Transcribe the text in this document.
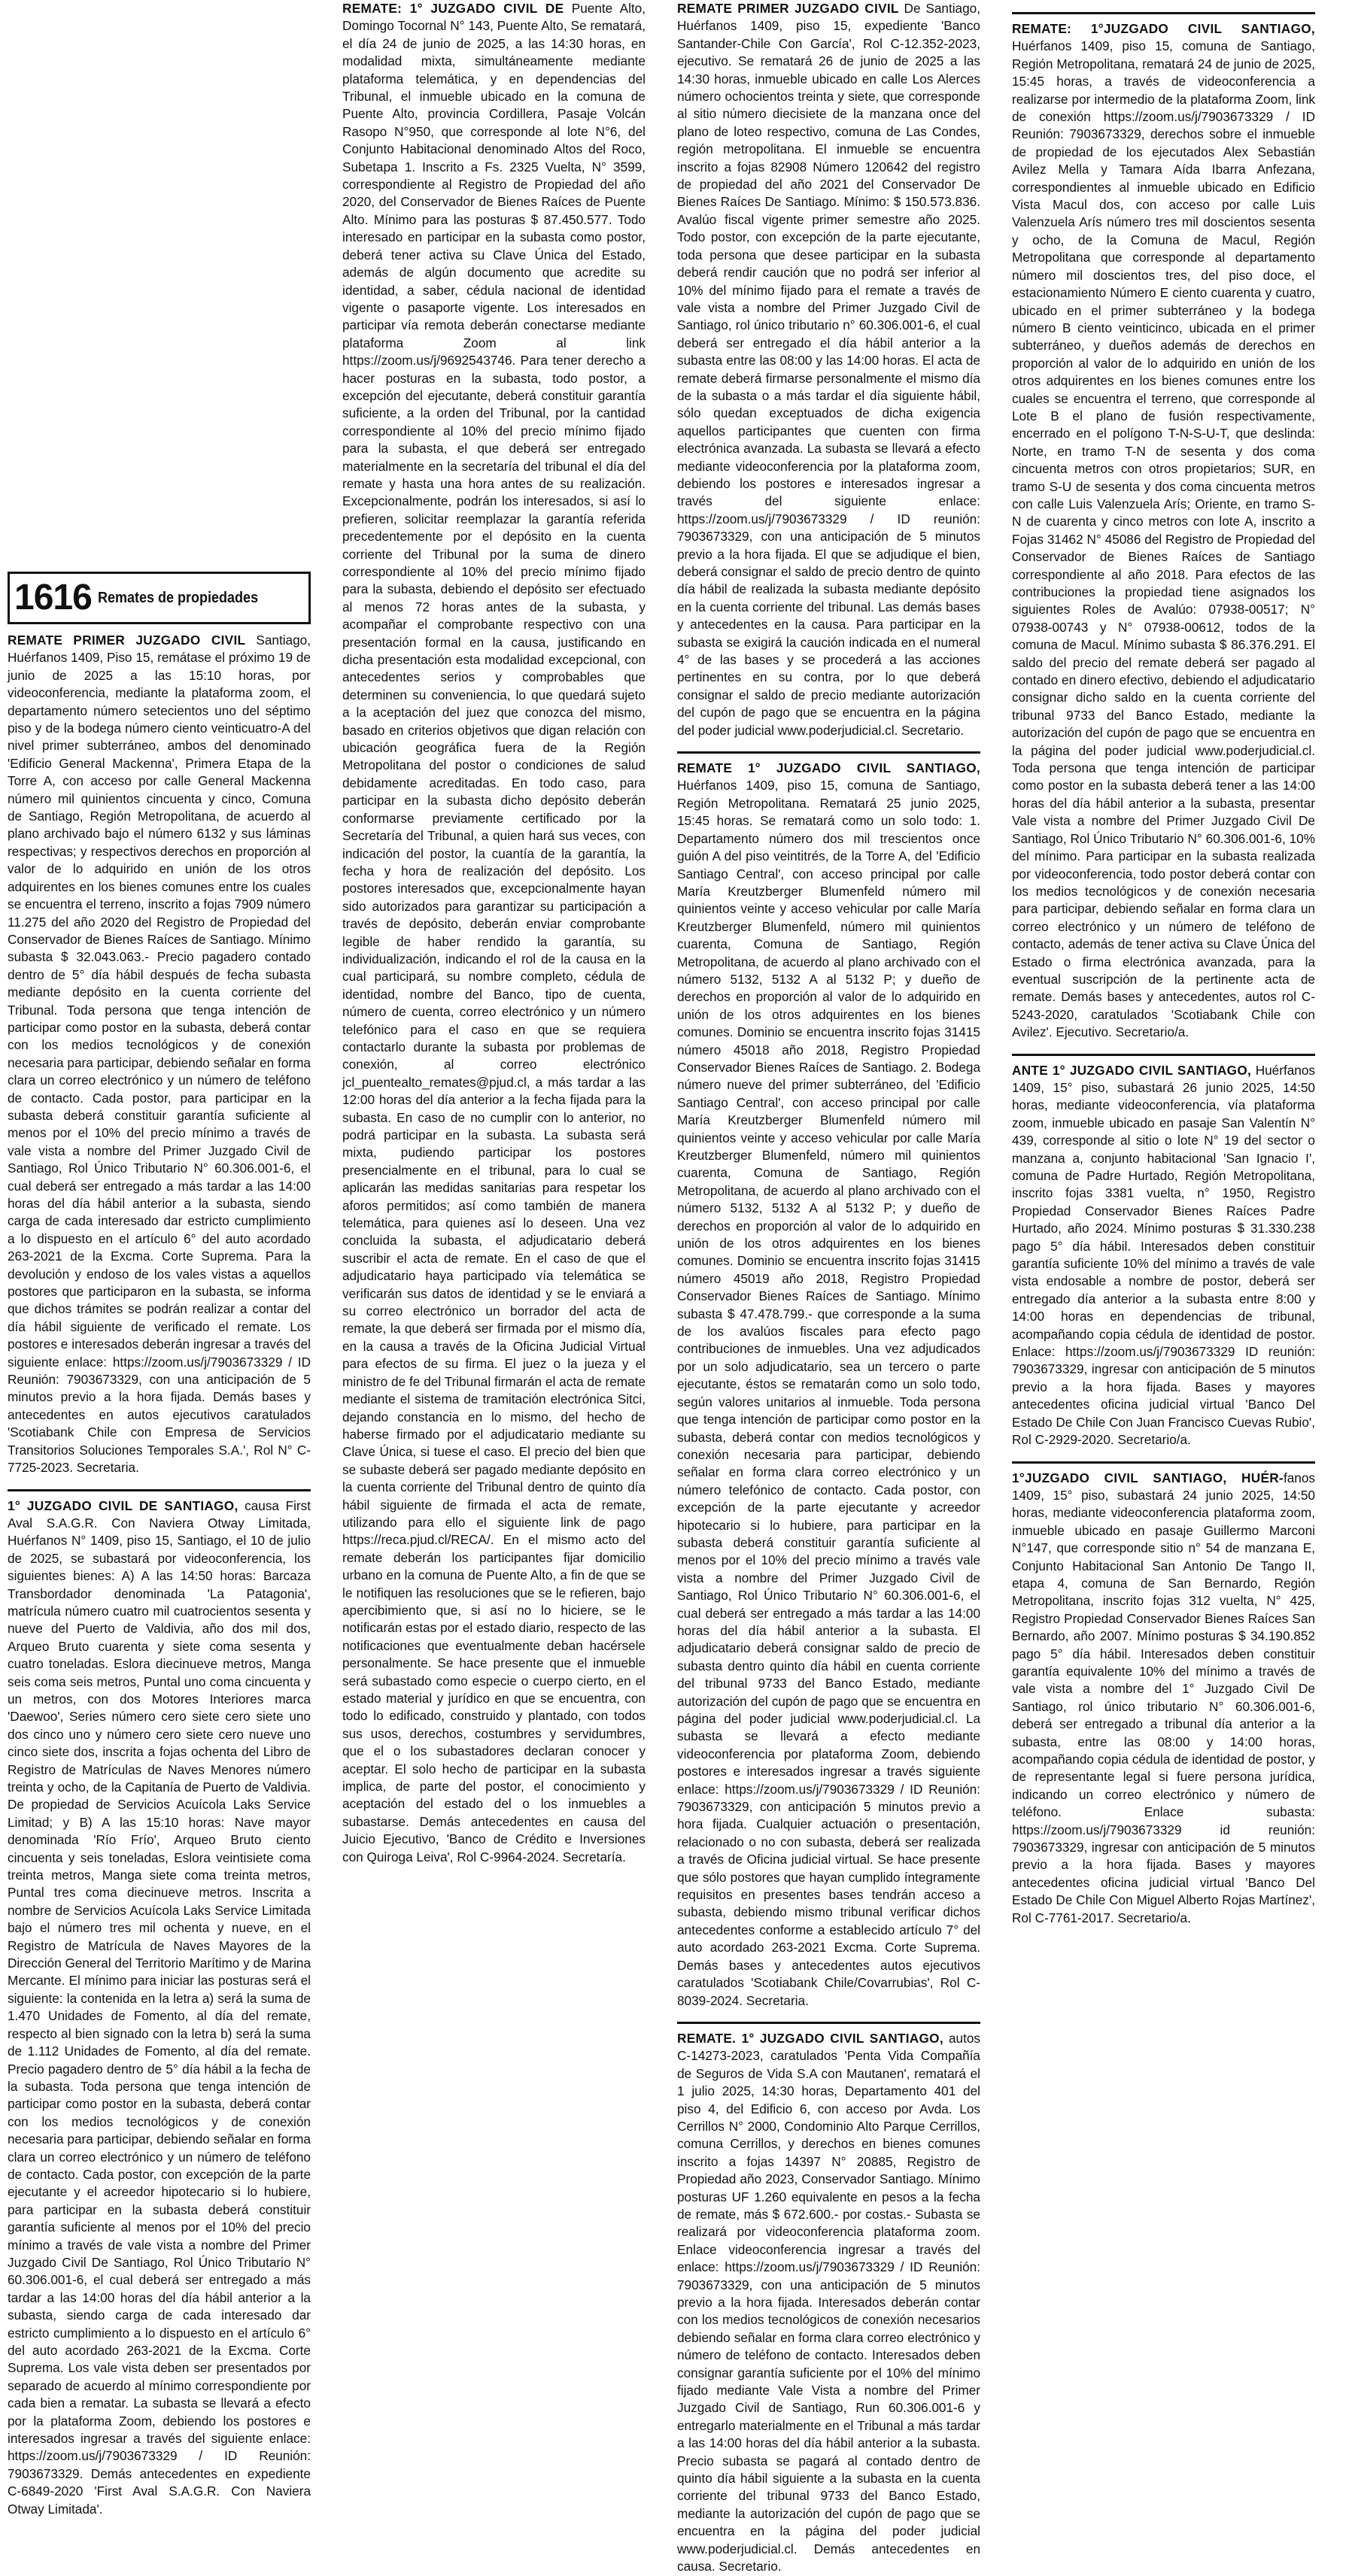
1616 Remates de propiedades

REMATE PRIMER JUZGADO CIVIL Santiago, Huérfanos 1409, Piso 15, remátase el próximo 19 de junio de 2025 a las 15:10 horas, por videoconferencia, mediante la plataforma zoom, el departamento número setecientos uno del séptimo piso y de la bodega número ciento veinticuatro-A del nivel primer subterráneo, ambos del denominado 'Edificio General Mackenna', Primera Etapa de la Torre A, con acceso por calle General Mackenna número mil quinientos cincuenta y cinco, Comuna de Santiago, Región Metropolitana, de acuerdo al plano archivado bajo el número 6132 y sus láminas respectivas; y respectivos derechos en proporción al valor de lo adquirido en unión de los otros adquirentes en los bienes comunes entre los cuales se encuentra el terreno, inscrito a fojas 7909 número 11.275 del año 2020 del Registro de Propiedad del Conservador de Bienes Raíces de Santiago. Mínimo subasta $ 32.043.063.- Precio pagadero contado dentro de 5° día hábil después de fecha subasta mediante depósito en la cuenta corriente del Tribunal. Toda persona que tenga intención de participar como postor en la subasta, deberá contar con los medios tecnológicos y de conexión necesaria para participar, debiendo señalar en forma clara un correo electrónico y un número de teléfono de contacto. Cada postor, para participar en la subasta deberá constituir garantía suficiente al menos por el 10% del precio mínimo a través de vale vista a nombre del Primer Juzgado Civil de Santiago, Rol Único Tributario N° 60.306.001-6, el cual deberá ser entregado a más tardar a las 14:00 horas del día hábil anterior a la subasta, siendo carga de cada interesado dar estricto cumplimiento a lo dispuesto en el artículo 6° del auto acordado 263-2021 de la Excma. Corte Suprema. Para la devolución y endoso de los vales vistas a aquellos postores que participaron en la subasta, se informa que dichos trámites se podrán realizar a contar del día hábil siguiente de verificado el remate. Los postores e interesados deberán ingresar a través del siguiente enlace: https://zoom.us/j/7903673329 / ID Reunión: 7903673329, con una anticipación de 5 minutos previo a la hora fijada. Demás bases y antecedentes en autos ejecutivos caratulados 'Scotiabank Chile con Empresa de Servicios Transitorios Soluciones Temporales S.A.', Rol N° C-7725-2023. Secretaria.

1° JUZGADO CIVIL DE SANTIAGO, causa First Aval S.A.G.R. Con Naviera Otway Limitada, Huérfanos N° 1409, piso 15, Santiago, el 10 de julio de 2025, se subastará por videoconferencia, los siguientes bienes: A) A las 14:50 horas: Barcaza Transbordador denominada 'La Patagonia', matrícula número cuatro mil cuatrocientos sesenta y nueve del Puerto de Valdivia, año dos mil dos, Arqueo Bruto cuarenta y siete coma sesenta y cuatro toneladas. Eslora diecinueve metros, Manga seis coma seis metros, Puntal uno coma cincuenta y un metros, con dos Motores Interiores marca 'Daewoo', Series número cero siete cero siete uno dos cinco uno y número cero siete cero nueve uno cinco siete dos, inscrita a fojas ochenta del Libro de Registro de Matrículas de Naves Menores número treinta y ocho, de la Capitanía de Puerto de Valdivia. De propiedad de Servicios Acuícola Laks Service Limitad; y B) A las 15:10 horas: Nave mayor denominada 'Río Frío', Arqueo Bruto ciento cincuenta y seis toneladas, Eslora veintisiete coma treinta metros, Manga siete coma treinta metros, Puntal tres coma diecinueve metros. Inscrita a nombre de Servicios Acuícola Laks Service Limitada bajo el número tres mil ochenta y nueve, en el Registro de Matrícula de Naves Mayores de la Dirección General del Territorio Marítimo y de Marina Mercante. El mínimo para iniciar las posturas será el siguiente: la contenida en la letra a) será la suma de 1.470 Unidades de Fomento, al día del remate, respecto al bien signado con la letra b) será la suma de 1.112 Unidades de Fomento, al día del remate. Precio pagadero dentro de 5° día hábil a la fecha de la subasta. Toda persona que tenga intención de participar como postor en la subasta, deberá contar con los medios tecnológicos y de conexión necesaria para participar, debiendo señalar en forma clara un correo electrónico y un número de teléfono de contacto. Cada postor, con excepción de la parte ejecutante y el acreedor hipotecario si lo hubiere, para participar en la subasta deberá constituir garantía suficiente al menos por el 10% del precio mínimo a través de vale vista a nombre del Primer Juzgado Civil De Santiago, Rol Único Tributario N° 60.306.001-6, el cual deberá ser entregado a más tardar a las 14:00 horas del día hábil anterior a la subasta, siendo carga de cada interesado dar estricto cumplimiento a lo dispuesto en el artículo 6° del auto acordado 263-2021 de la Excma. Corte Suprema. Los vale vista deben ser presentados por separado de acuerdo al mínimo correspondiente por cada bien a rematar. La subasta se llevará a efecto por la plataforma Zoom, debiendo los postores e interesados ingresar a través del siguiente enlace: https://zoom.us/j/7903673329 / ID Reunión: 7903673329. Demás antecedentes en expediente C-6849-2020 'First Aval S.A.G.R. Con Naviera Otway Limitada'.

REMATE: 1° JUZGADO CIVIL DE Puente Alto, Domingo Tocornal N° 143, Puente Alto, Se rematará, el día 24 de junio de 2025, a las 14:30 horas, en modalidad mixta, simultáneamente mediante plataforma telemática, y en dependencias del Tribunal, el inmueble ubicado en la comuna de Puente Alto, provincia Cordillera, Pasaje Volcán Rasopo N°950, que corresponde al lote N°6, del Conjunto Habitacional denominado Altos del Roco, Subetapa 1. Inscrito a Fs. 2325 Vuelta, N° 3599, correspondiente al Registro de Propiedad del año 2020, del Conservador de Bienes Raíces de Puente Alto. Mínimo para las posturas $ 87.450.577. Todo interesado en participar en la subasta como postor, deberá tener activa su Clave Única del Estado, además de algún documento que acredite su identidad, a saber, cédula nacional de identidad vigente o pasaporte vigente. Los interesados en participar vía remota deberán conectarse mediante plataforma Zoom al link https://zoom.us/j/9692543746. Para tener derecho a hacer posturas en la subasta, todo postor, a excepción del ejecutante, deberá constituir garantía suficiente, a la orden del Tribunal, por la cantidad correspondiente al 10% del precio mínimo fijado para la subasta, el que deberá ser entregado materialmente en la secretaría del tribunal el día del remate y hasta una hora antes de su realización. Excepcionalmente, podrán los interesados, si así lo prefieren, solicitar reemplazar la garantía referida precedentemente por el depósito en la cuenta corriente del Tribunal por la suma de dinero correspondiente al 10% del precio mínimo fijado para la subasta, debiendo el depósito ser efectuado al menos 72 horas antes de la subasta, y acompañar el comprobante respectivo con una presentación formal en la causa, justificando en dicha presentación esta modalidad excepcional, con antecedentes serios y comprobables que determinen su conveniencia, lo que quedará sujeto a la aceptación del juez que conozca del mismo, basado en criterios objetivos que digan relación con ubicación geográfica fuera de la Región Metropolitana del postor o condiciones de salud debidamente acreditadas. En todo caso, para participar en la subasta dicho depósito deberán conformarse previamente certificado por la Secretaría del Tribunal, a quien hará sus veces, con indicación del postor, la cuantía de la garantía, la fecha y hora de realización del depósito. Los postores interesados que, excepcionalmente hayan sido autorizados para garantizar su participación a través de depósito, deberán enviar comprobante legible de haber rendido la garantía, su individualización, indicando el rol de la causa en la cual participará, su nombre completo, cédula de identidad, nombre del Banco, tipo de cuenta, número de cuenta, correo electrónico y un número telefónico para el caso en que se requiera contactarlo durante la subasta por problemas de conexión, al correo electrónico jcl_puentealto_remates@pjud.cl, a más tardar a las 12:00 horas del día anterior a la fecha fijada para la subasta. En caso de no cumplir con lo anterior, no podrá participar en la subasta. La subasta será mixta, pudiendo participar los postores presencialmente en el tribunal, para lo cual se aplicarán las medidas sanitarias para respetar los aforos permitidos; así como también de manera telemática, para quienes así lo deseen. Una vez concluida la subasta, el adjudicatario deberá suscribir el acta de remate. En el caso de que el adjudicatario haya participado vía telemática se verificarán sus datos de identidad y se le enviará a su correo electrónico un borrador del acta de remate, la que deberá ser firmada por el mismo día, en la causa a través de la Oficina Judicial Virtual para efectos de su firma. El juez o la jueza y el ministro de fe del Tribunal firmarán el acta de remate mediante el sistema de tramitación electrónica Sitci, dejando constancia en lo mismo, del hecho de haberse firmado por el adjudicatario mediante su Clave Única, si tuese el caso. El precio del bien que se subaste deberá ser pagado mediante depósito en la cuenta corriente del Tribunal dentro de quinto día hábil siguiente de firmada el acta de remate, utilizando para ello el siguiente link de pago https://reca.pjud.cl/RECA/. En el mismo acto del remate deberán los participantes fijar domicilio urbano en la comuna de Puente Alto, a fin de que se le notifiquen las resoluciones que se le refieren, bajo apercibimiento que, si así no lo hiciere, se le notificarán estas por el estado diario, respecto de las notificaciones que eventualmente deban hacérsele personalmente. Se hace presente que el inmueble será subastado como especie o cuerpo cierto, en el estado material y jurídico en que se encuentra, con todo lo edificado, construido y plantado, con todos sus usos, derechos, costumbres y servidumbres, que el o los subastadores declaran conocer y aceptar. El solo hecho de participar en la subasta implica, de parte del postor, el conocimiento y aceptación del estado del o los inmuebles a subastarse. Demás antecedentes en causa del Juicio Ejecutivo, 'Banco de Crédito e Inversiones con Quiroga Leiva', Rol C-9964-2024. Secretaría.

REMATE PRIMER JUZGADO CIVIL De Santiago, Huérfanos 1409, piso 15, expediente 'Banco Santander-Chile Con García', Rol C-12.352-2023, ejecutivo. Se rematará 26 de junio de 2025 a las 14:30 horas, inmueble ubicado en calle Los Alerces número ochocientos treinta y siete, que corresponde al sitio número diecisiete de la manzana once del plano de loteo respectivo, comuna de Las Condes, región metropolitana. El inmueble se encuentra inscrito a fojas 82908 Número 120642 del registro de propiedad del año 2021 del Conservador De Bienes Raíces De Santiago. Mínimo: $ 150.573.836. Avalúo fiscal vigente primer semestre año 2025. Todo postor, con excepción de la parte ejecutante, toda persona que desee participar en la subasta deberá rendir caución que no podrá ser inferior al 10% del mínimo fijado para el remate a través de vale vista a nombre del Primer Juzgado Civil de Santiago, rol único tributario n° 60.306.001-6, el cual deberá ser entregado el día hábil anterior a la subasta entre las 08:00 y las 14:00 horas. El acta de remate deberá firmarse personalmente el mismo día de la subasta o a más tardar el día siguiente hábil, sólo quedan exceptuados de dicha exigencia aquellos participantes que cuenten con firma electrónica avanzada. La subasta se llevará a efecto mediante videoconferencia por la plataforma zoom, debiendo los postores e interesados ingresar a través del siguiente enlace: https://zoom.us/j/7903673329 / ID reunión: 7903673329, con una anticipación de 5 minutos previo a la hora fijada. El que se adjudique el bien, deberá consignar el saldo de precio dentro de quinto día hábil de realizada la subasta mediante depósito en la cuenta corriente del tribunal. Las demás bases y antecedentes en la causa. Para participar en la subasta se exigirá la caución indicada en el numeral 4° de las bases y se procederá a las acciones pertinentes en su contra, por lo que deberá consignar el saldo de precio mediante autorización del cupón de pago que se encuentra en la página del poder judicial www.poderjudicial.cl. Secretario.

REMATE 1° JUZGADO CIVIL SANTIAGO, Huérfanos 1409, piso 15, comuna de Santiago, Región Metropolitana. Rematará 25 junio 2025, 15:45 horas. Se rematará como un solo todo: 1. Departamento número dos mil trescientos once guión A del piso veintitrés, de la Torre A, del 'Edificio Santiago Central', con acceso principal por calle María Kreutzberger Blumenfeld número mil quinientos veinte y acceso vehicular por calle María Kreutzberger Blumenfeld, número mil quinientos cuarenta, Comuna de Santiago, Región Metropolitana, de acuerdo al plano archivado con el número 5132, 5132 A al 5132 P; y dueño de derechos en proporción al valor de lo adquirido en unión de los otros adquirentes en los bienes comunes. Dominio se encuentra inscrito fojas 31415 número 45018 año 2018, Registro Propiedad Conservador Bienes Raíces de Santiago. 2. Bodega número nueve del primer subterráneo, del 'Edificio Santiago Central', con acceso principal por calle María Kreutzberger Blumenfeld número mil quinientos veinte y acceso vehicular por calle María Kreutzberger Blumenfeld, número mil quinientos cuarenta, Comuna de Santiago, Región Metropolitana, de acuerdo al plano archivado con el número 5132, 5132 A al 5132 P; y dueño de derechos en proporción al valor de lo adquirido en unión de los otros adquirentes en los bienes comunes. Dominio se encuentra inscrito fojas 31415 número 45019 año 2018, Registro Propiedad Conservador Bienes Raíces de Santiago. Mínimo subasta $ 47.478.799.- que corresponde a la suma de los avalúos fiscales para efecto pago contribuciones de inmuebles. Una vez adjudicados por un solo adjudicatario, sea un tercero o parte ejecutante, éstos se rematarán como un solo todo, según valores unitarios al inmueble. Toda persona que tenga intención de participar como postor en la subasta, deberá contar con medios tecnológicos y conexión necesaria para participar, debiendo señalar en forma clara correo electrónico y un número telefónico de contacto. Cada postor, con excepción de la parte ejecutante y acreedor hipotecario si lo hubiere, para participar en la subasta deberá constituir garantía suficiente al menos por el 10% del precio mínimo a través vale vista a nombre del Primer Juzgado Civil de Santiago, Rol Único Tributario N° 60.306.001-6, el cual deberá ser entregado a más tardar a las 14:00 horas del día hábil anterior a la subasta. El adjudicatario deberá consignar saldo de precio de subasta dentro quinto día hábil en cuenta corriente del tribunal 9733 del Banco Estado, mediante autorización del cupón de pago que se encuentra en página del poder judicial www.poderjudicial.cl. La subasta se llevará a efecto mediante videoconferencia por plataforma Zoom, debiendo postores e interesados ingresar a través siguiente enlace: https://zoom.us/j/7903673329 / ID Reunión: 7903673329, con anticipación 5 minutos previo a hora fijada. Cualquier actuación o presentación, relacionado o no con subasta, deberá ser realizada a través de Oficina judicial virtual. Se hace presente que sólo postores que hayan cumplido íntegramente requisitos en presentes bases tendrán acceso a subasta, debiendo mismo tribunal verificar dichos antecedentes conforme a establecido artículo 7° del auto acordado 263-2021 Excma. Corte Suprema. Demás bases y antecedentes autos ejecutivos caratulados 'Scotiabank Chile/Covarrubias', Rol C-8039-2024. Secretaria.

REMATE. 1° JUZGADO CIVIL SANTIAGO, autos C-14273-2023, caratulados 'Penta Vida Compañía de Seguros de Vida S.A con Mautanen', rematará el 1 julio 2025, 14:30 horas, Departamento 401 del piso 4, del Edificio 6, con acceso por Avda. Los Cerrillos N° 2000, Condominio Alto Parque Cerrillos, comuna Cerrillos, y derechos en bienes comunes inscrito a fojas 14397 N° 20885, Registro de Propiedad año 2023, Conservador Santiago. Mínimo posturas UF 1.260 equivalente en pesos a la fecha de remate, más $ 672.600.- por costas.- Subasta se realizará por videoconferencia plataforma zoom. Enlace videoconferencia ingresar a través del enlace: https://zoom.us/j/7903673329 / ID Reunión: 7903673329, con una anticipación de 5 minutos previo a la hora fijada. Interesados deberán contar con los medios tecnológicos de conexión necesarios debiendo señalar en forma clara correo electrónico y número de teléfono de contacto. Interesados deben consignar garantía suficiente por el 10% del mínimo fijado mediante Vale Vista a nombre del Primer Juzgado Civil de Santiago, Run 60.306.001-6 y entregarlo materialmente en el Tribunal a más tardar a las 14:00 horas del día hábil anterior a la subasta. Precio subasta se pagará al contado dentro de quinto día hábil siguiente a la subasta en la cuenta corriente del tribunal 9733 del Banco Estado, mediante la autorización del cupón de pago que se encuentra en la página del poder judicial www.poderjudicial.cl. Demás antecedentes en causa. Secretario.

REMATE: 1°JUZGADO CIVIL SANTIAGO, Huérfanos 1409, piso 15, comuna de Santiago, Región Metropolitana, rematará 24 de junio de 2025, 15:45 horas, a través de videoconferencia a realizarse por intermedio de la plataforma Zoom, link de conexión https://zoom.us/j/7903673329 / ID Reunión: 7903673329, derechos sobre el inmueble de propiedad de los ejecutados Alex Sebastián Avilez Mella y Tamara Aída Ibarra Anfezana, correspondientes al inmueble ubicado en Edificio Vista Macul dos, con acceso por calle Luis Valenzuela Arís número tres mil doscientos sesenta y ocho, de la Comuna de Macul, Región Metropolitana que corresponde al departamento número mil doscientos tres, del piso doce, el estacionamiento Número E ciento cuarenta y cuatro, ubicado en el primer subterráneo y la bodega número B ciento veinticinco, ubicada en el primer subterráneo, y dueños además de derechos en proporción al valor de lo adquirido en unión de los otros adquirentes en los bienes comunes entre los cuales se encuentra el terreno, que corresponde al Lote B el plano de fusión respectivamente, encerrado en el polígono T-N-S-U-T, que deslinda: Norte, en tramo T-N de sesenta y dos coma cincuenta metros con otros propietarios; SUR, en tramo S-U de sesenta y dos coma cincuenta metros con calle Luis Valenzuela Arís; Oriente, en tramo S-N de cuarenta y cinco metros con lote A, inscrito a Fojas 31462 N° 45086 del Registro de Propiedad del Conservador de Bienes Raíces de Santiago correspondiente al año 2018. Para efectos de las contribuciones la propiedad tiene asignados los siguientes Roles de Avalúo: 07938-00517; N° 07938-00743 y N° 07938-00612, todos de la comuna de Macul. Mínimo subasta $ 86.376.291. El saldo del precio del remate deberá ser pagado al contado en dinero efectivo, debiendo el adjudicatario consignar dicho saldo en la cuenta corriente del tribunal 9733 del Banco Estado, mediante la autorización del cupón de pago que se encuentra en la página del poder judicial www.poderjudicial.cl. Toda persona que tenga intención de participar como postor en la subasta deberá tener a las 14:00 horas del día hábil anterior a la subasta, presentar Vale vista a nombre del Primer Juzgado Civil De Santiago, Rol Único Tributario N° 60.306.001-6, 10% del mínimo. Para participar en la subasta realizada por videoconferencia, todo postor deberá contar con los medios tecnológicos y de conexión necesaria para participar, debiendo señalar en forma clara un correo electrónico y un número de teléfono de contacto, además de tener activa su Clave Única del Estado o firma electrónica avanzada, para la eventual suscripción de la pertinente acta de remate. Demás bases y antecedentes, autos rol C-5243-2020, caratulados 'Scotiabank Chile con Avilez'. Ejecutivo. Secretario/a.

ANTE 1° JUZGADO CIVIL SANTIAGO, Huérfanos 1409, 15° piso, subastará 26 junio 2025, 14:50 horas, mediante videoconferencia, vía plataforma zoom, inmueble ubicado en pasaje San Valentín N° 439, corresponde al sitio o lote N° 19 del sector o manzana a, conjunto habitacional 'San Ignacio I', comuna de Padre Hurtado, Región Metropolitana, inscrito fojas 3381 vuelta, n° 1950, Registro Propiedad Conservador Bienes Raíces Padre Hurtado, año 2024. Mínimo posturas $ 31.330.238 pago 5° día hábil. Interesados deben constituir garantía suficiente 10% del mínimo a través de vale vista endosable a nombre de postor, deberá ser entregado día anterior a la subasta entre 8:00 y 14:00 horas en dependencias de tribunal, acompañando copia cédula de identidad de postor. Enlace: https://zoom.us/j/7903673329 ID reunión: 7903673329, ingresar con anticipación de 5 minutos previo a la hora fijada. Bases y mayores antecedentes oficina judicial virtual 'Banco Del Estado De Chile Con Juan Francisco Cuevas Rubio', Rol C-2929-2020. Secretario/a.

1°JUZGADO CIVIL SANTIAGO, HUÉR-fanos 1409, 15° piso, subastará 24 junio 2025, 14:50 horas, mediante videoconferencia plataforma zoom, inmueble ubicado en pasaje Guillermo Marconi N°147, que corresponde sitio n° 54 de manzana E, Conjunto Habitacional San Antonio De Tango II, etapa 4, comuna de San Bernardo, Región Metropolitana, inscrito fojas 312 vuelta, N° 425, Registro Propiedad Conservador Bienes Raíces San Bernardo, año 2007. Mínimo posturas $ 34.190.852 pago 5° día hábil. Interesados deben constituir garantía equivalente 10% del mínimo a través de vale vista a nombre del 1° Juzgado Civil De Santiago, rol único tributario N° 60.306.001-6, deberá ser entregado a tribunal día anterior a la subasta, entre las 08:00 y 14:00 horas, acompañando copia cédula de identidad de postor, y de representante legal si fuere persona jurídica, indicando un correo electrónico y número de teléfono. Enlace subasta: https://zoom.us/j/7903673329 id reunión: 7903673329, ingresar con anticipación de 5 minutos previo a la hora fijada. Bases y mayores antecedentes oficina judicial virtual 'Banco Del Estado De Chile Con Miguel Alberto Rojas Martínez', Rol C-7761-2017. Secretario/a.
